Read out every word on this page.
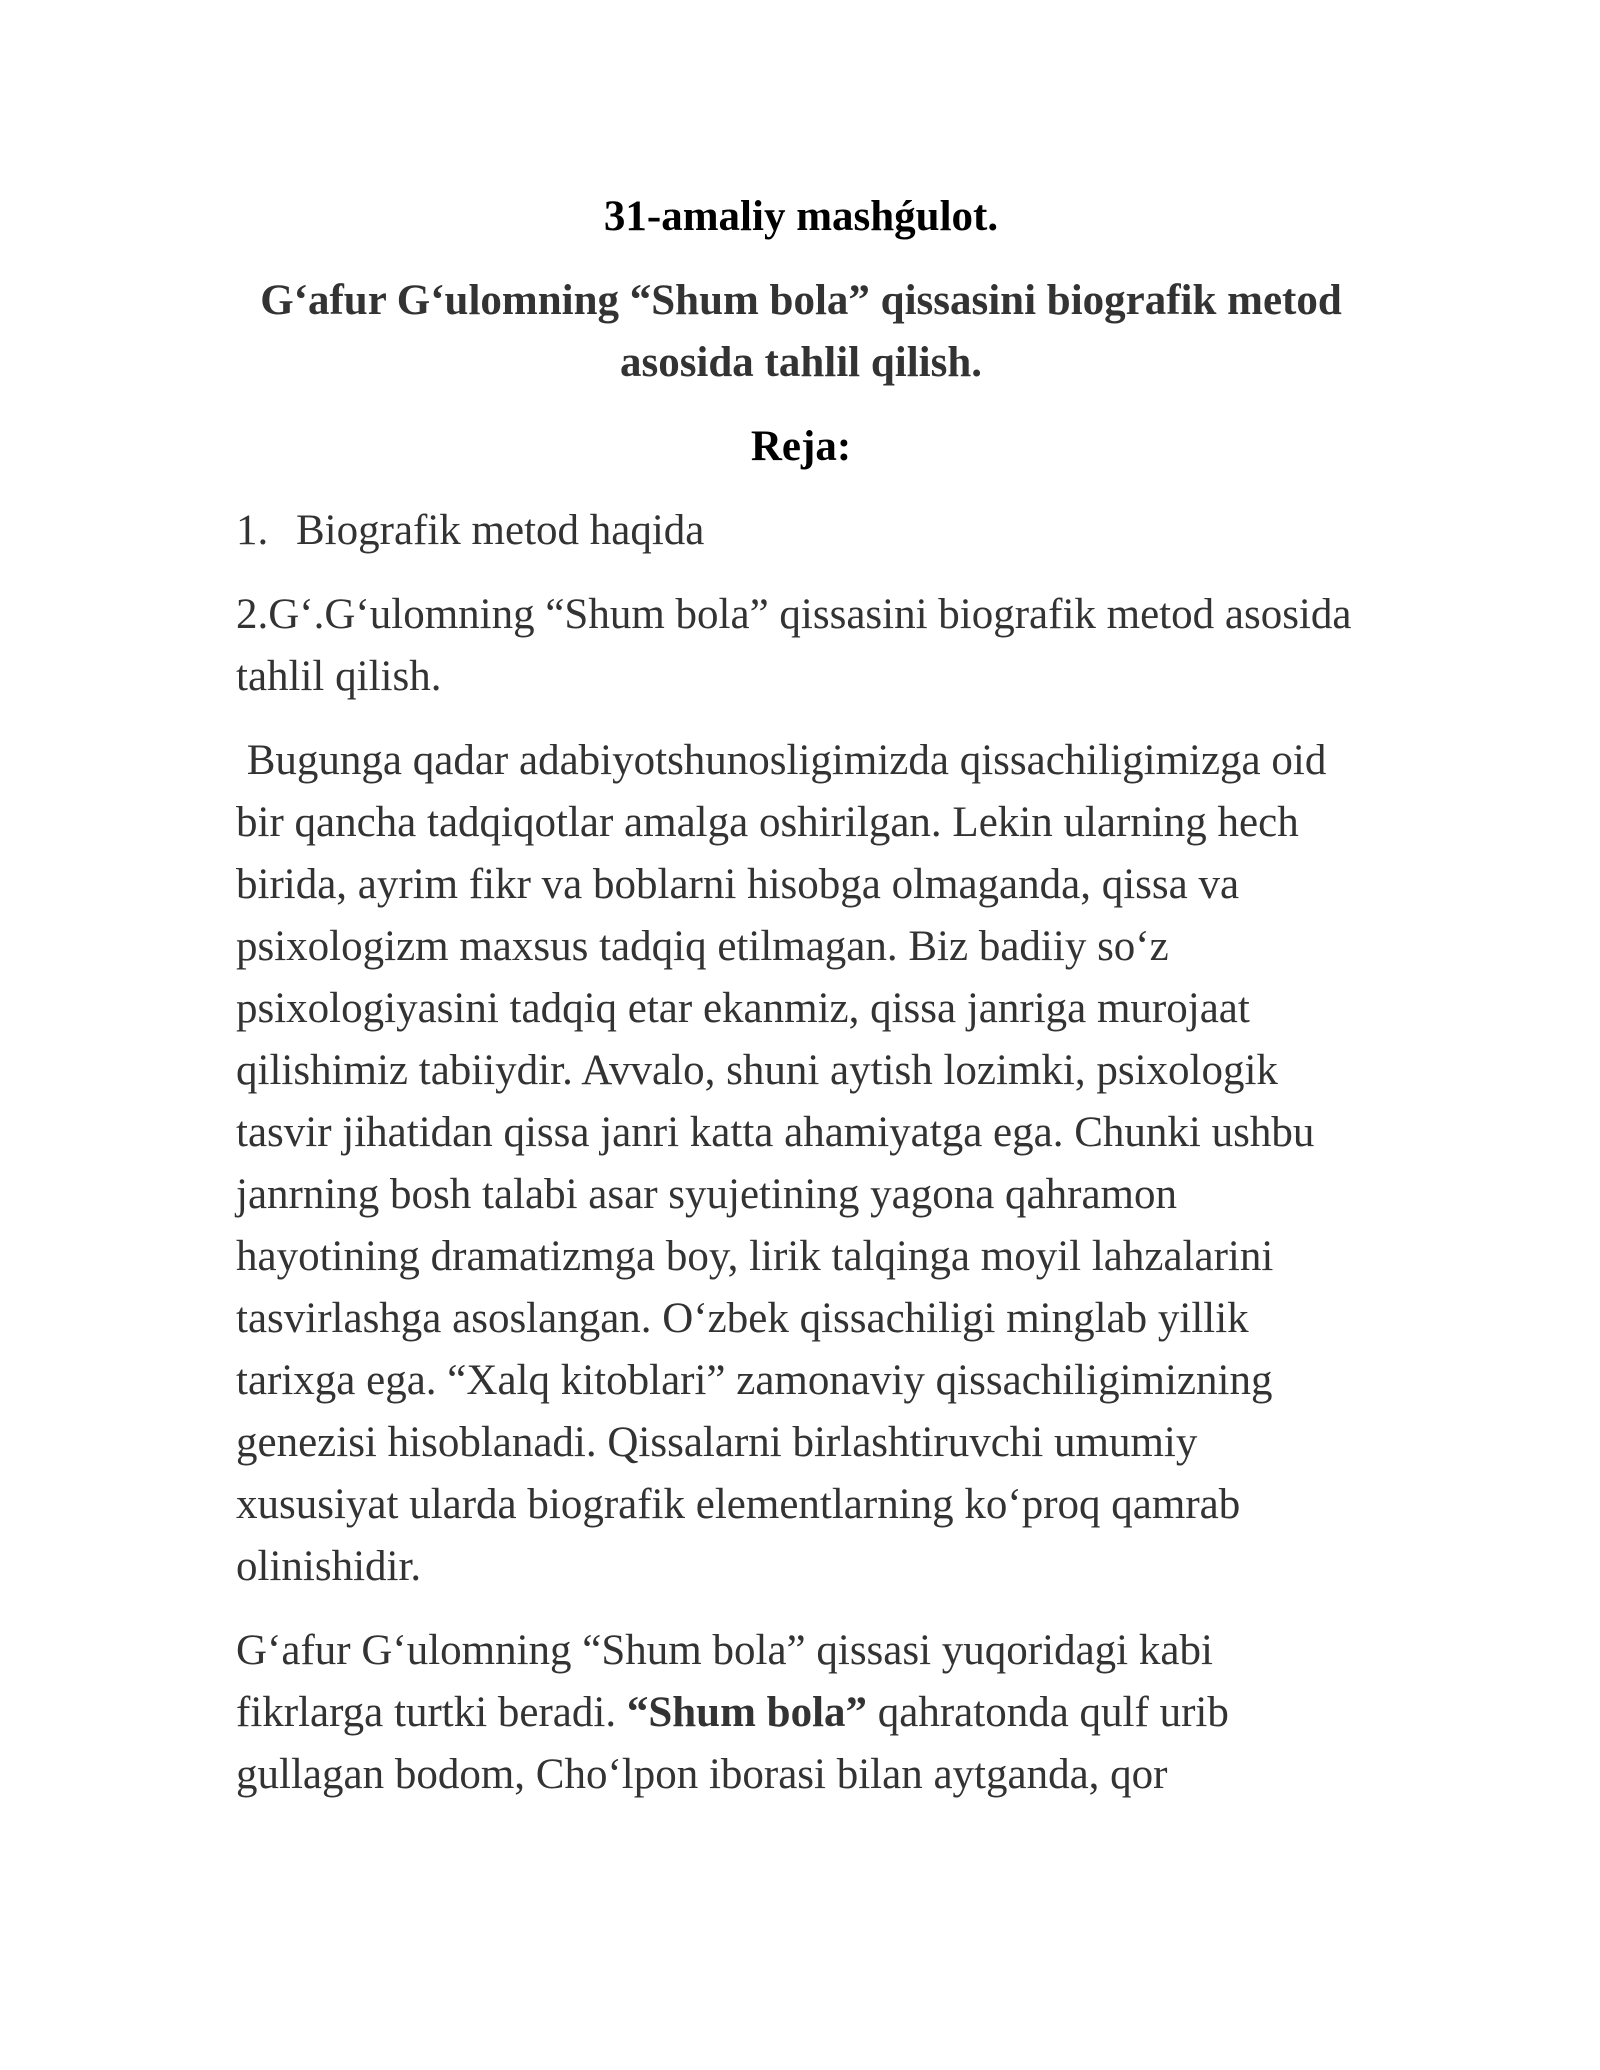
31-amaliy mashǵulot.

G‘afur G‘ulomning “Shum bola” qissasini biografik metod asosida tahlil qilish.

Reja:

1. Biografik metod haqida

2.G‘.G‘ulomning “Shum bola” qissasini biografik metod asosida tahlil qilish.

Bugunga qadar adabiyotshunosligimizda qissachiligimizga oid bir qancha tadqiqotlar amalga oshirilgan. Lekin ularning hech birida, ayrim fikr va boblarni hisobga olmaganda, qissa va psixologizm maxsus tadqiq etilmagan. Biz badiiy so‘z psixologiyasini tadqiq etar ekanmiz, qissa janriga murojaat qilishimiz tabiiydir. Avvalo, shuni aytish lozimki, psixologik tasvir jihatidan qissa janri katta ahamiyatga ega. Chunki ushbu janrning bosh talabi asar syujetining yagona qahramon hayotining dramatizmga boy, lirik talqinga moyil lahzalarini tasvirlashga asoslangan. O‘zbek qissachiligi minglab yillik tarixga ega. “Xalq kitoblari” zamonaviy qissachiligimizning genezisi hisoblanadi. Qissalarni birlashtiruvchi umumiy xususiyat ularda biografik elementlarning ko‘proq qamrab olinishidir.

G‘afur G‘ulomning “Shum bola” qissasi yuqoridagi kabi fikrlarga turtki beradi. “Shum bola” qahratonda qulf urib gullagan bodom, Cho‘lpon iborasi bilan aytganda, qor
